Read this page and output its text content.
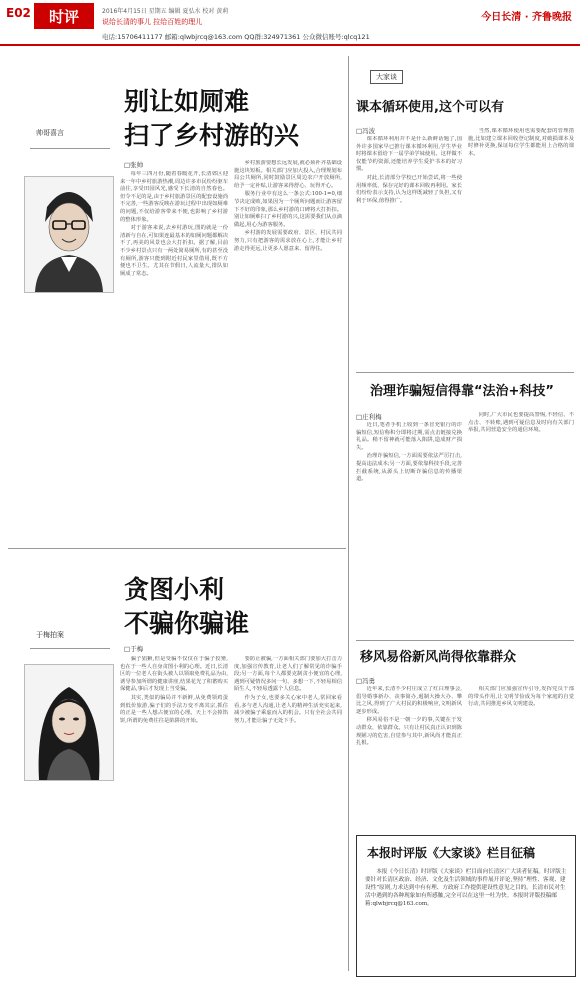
E02	时评	2016年4月15日 星期五 编辑 夏弘水 校对 黄莉
说给长清的事儿 拉给百姓的理儿	今日长清 · 齐鲁晚报
电话:15706411177 邮箱:qlwbjrcq@163.com QQ群:324971361 公众微信账号:qlcq121
别让如厕难
扫了乡村游的兴
帅哥喜言
□张帅

每年三四月份,随着春暖花开,长清郊区迎来一年中乡村旅游热潮,周边许多市民纷纷驱车前往,享受田园风光,感受下长清的自然春色。但令不足的是,由于乡村旅游景区的配套设施尚不完善,一些游客反映在游玩过程中出现如厕难的问题,不仅给游客带来不便,也影响了乡村游的整体形象。

对于游客来说,去乡村游玩,图的就是一份清新与自在,可如果连最基本的如厕问题都解决不了,再美的风景也会大打折扣。据了解,目前不少乡村景点只有一两处简易厕所,有的甚至没有厕所,游客只能到附近村民家里借用,既不方便也不卫生。尤其在节假日,人流量大,排队如厕成了常态。

乡村旅游要想长远发展,就必须补齐基础设施这块短板。相关部门应加大投入,合理规划布局公共厕所,同时鼓励景区周边农户开放厕所,给予一定补贴,让游客来得舒心、玩得开心。

服务行业中有这么一条公式:100-1=0,细节决定成败,如果因为一个厕所问题而让游客留下不好的印象,那么乡村游的口碑将大打折扣。别让如厕难扫了乡村游的兴,这需要我们从点滴做起,用心为游客服务。

乡村游的发展需要政府、景区、村民共同努力,只有把游客的需求放在心上,才能让乡村游走得更远,让更多人愿意来、留得住。

贪图小利
不骗你骗谁
于梅拍案
□于梅

骗子猖獗,但是受骗不仅仅在于骗子狡猾,也在于一些人自身贪图小利的心理。近日,长清区的一位老人在街头被人以领取免费礼品为由,诱导参加所谓的健康讲座,结果花光了积蓄购买保健品,事后才发现上当受骗。

其实,类似的骗局并不新鲜,从免费领鸡蛋到低价旅游,骗子们的手法万变不离其宗,抓住的正是一些人想占便宜的心理。天上不会掉馅饼,所谓的免费往往是陷阱的开始。

要防止被骗,一方面相关部门要加大打击力度,加强宣传教育,让老人们了解常见的诈骗手段;另一方面,每个人都要克制贪小便宜的心理,遇到可疑情况多问一句、多想一下,不轻易相信陌生人,不轻易透露个人信息。

作为子女,也要多关心家中老人,常回家看看,多与老人沟通,让老人的精神生活充实起来,减少被骗子乘虚而入的机会。只有全社会共同努力,才能让骗子无处下手。

大家谈
课本循环使用,这个可以有
□冯波

课本循环利用并不是什么新鲜话题了,国外许多国家早已推行课本循环利用,学生毕业时将课本留给下一届学弟学妹使用。这样做不仅能节约资源,还能培养学生爱护书本的好习惯。

对此,长清部分学校已开始尝试,将一些使用频率低、保存完好的课本回收再利用。家长们纷纷表示支持,认为这样既减轻了负担,又有利于环保,值得推广。

当然,课本循环使用也需要配套的管理措施,比如建立课本回收登记制度,对破损课本及时修补更换,保证每位学生都能用上合格的课本。

治理诈骗短信得靠“法治+科技”
□庄利梅

近日,笔者手机上收到一条冒充银行的诈骗短信,短信称积分即将过期,需点击链接兑换礼品。稍不留神就可能落入陷阱,造成财产损失。

治理诈骗短信,一方面需要依法严厉打击,提高违法成本;另一方面,要依靠科技手段,完善拦截系统,从源头上切断诈骗信息的传播渠道。

同时,广大市民也要提高警惕,不轻信、不点击、不转账,遇到可疑信息及时向有关部门举报,共同营造安全的通信环境。

移风易俗新风尚得依靠群众
□冯勇

近年来,长清不少村庄成立了红白理事会,倡导婚事新办、丧事简办,遏制大操大办、攀比之风,得到了广大村民的积极响应,文明新风逐步形成。

移风易俗不是一朝一夕的事,关键在于发动群众、依靠群众。只有让村民真正认识到陈规陋习的危害,自觉参与其中,新风尚才能真正扎根。

相关部门应加强宣传引导,发挥党员干部的带头作用,让文明节俭成为每个家庭的自觉行动,共同推进乡风文明建设。

本报时评版《大家谈》栏目征稿
本报《今日长清》时评版《大家谈》栏目面向长清区广大读者征稿。时评版主要针对长清区政治、经济、文化及生活领域的事件展开评论,坚持“理性、客观、建设性”原则,力求达到中有有理、方政府工作提供建设性意见之目的。长清市民对生活中遇到的各种现象如有所感触,完全可以在这里一吐为快。本报时评版投稿邮箱:qlwbjrcq@163.com。
